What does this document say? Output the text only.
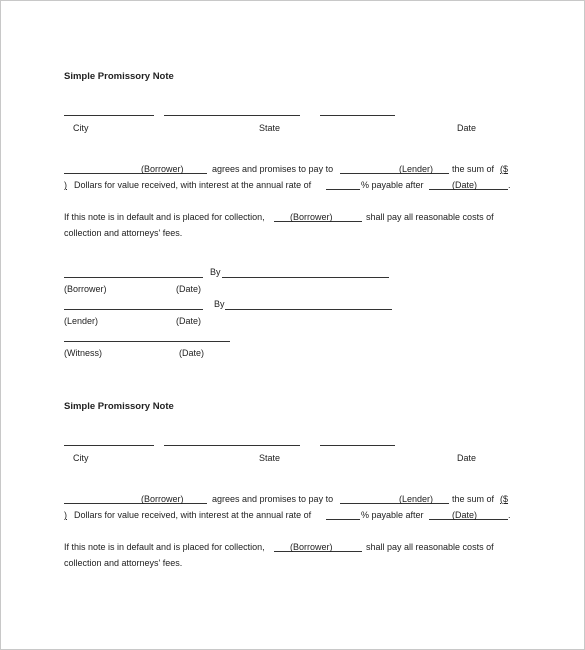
Simple Promissory Note
City	State	Date
(Borrower)	agrees and promises to pay to	(Lender) the sum of ($
) Dollars for value received, with interest at the annual rate of	% payable after	(Date)	.
If this note is in default and is placed for collection,	(Borrower)	shall pay all reasonable costs of
collection and attorneys' fees.
By
(Borrower)	(Date)
By
(Lender)	(Date)
(Witness)	(Date)
Simple Promissory Note
City	State	Date
(Borrower)	agrees and promises to pay to	(Lender) the sum of ($
) Dollars for value received, with interest at the annual rate of	% payable after	(Date)	.
If this note is in default and is placed for collection,	(Borrower)	shall pay all reasonable costs of
collection and attorneys' fees.
